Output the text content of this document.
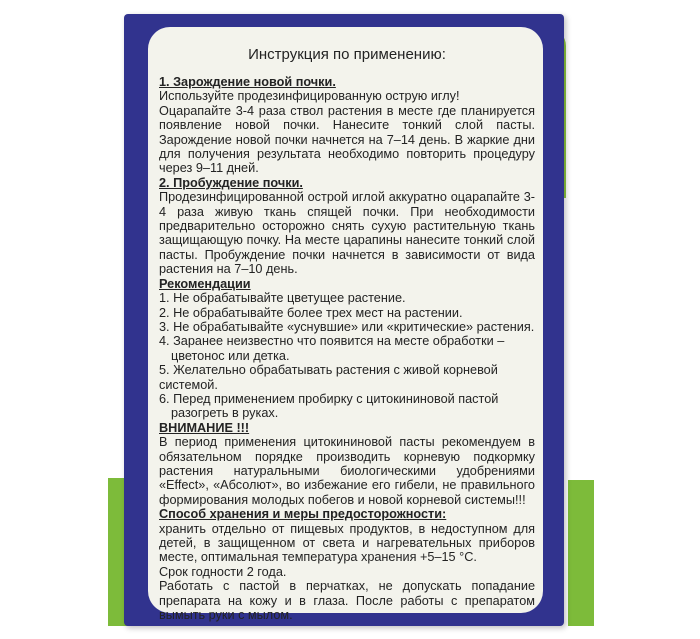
Инструкция по применению:

1. Зарождение новой почки.

Используйте продезинфицированную острую иглу!

Оцарапайте 3-4 раза ствол растения в месте где планируется появление новой почки. Нанесите тонкий слой пасты. Зарождение новой почки начнется на 7–14 день. В жаркие дни для получения результата необходимо повторить процедуру через 9–11 дней.

2. Пробуждение почки.

Продезинфицированной острой иглой аккуратно оцарапайте 3-4 раза живую ткань спящей почки. При необходимости предварительно осторожно снять сухую растительную ткань защищающую почку. На месте царапины нанесите тонкий слой пасты. Пробуждение почки начнется в зависимости от вида растения на 7–10 день.

Рекомендации

1. Не обрабатывайте цветущее растение.
2. Не обрабатывайте более трех мест на растении.
3. Не обрабатывайте «уснувшие» или «критические» растения.
4. Заранее неизвестно что появится на месте обработки –
цветонос или детка.
5. Желательно обрабатывать растения с живой корневой системой.
6. Перед применением пробирку с цитокининовой пастой
разогреть в руках.

ВНИМАНИЕ !!!

В период применения цитокининовой пасты рекомендуем в обязательном порядке производить корневую подкормку растения натуральными биологическими удобрениями «Effect», «Абсолют», во избежание его гибели, не правильного формирования молодых побегов и новой корневой системы!!!

Способ хранения и меры предосторожности:

хранить отдельно от пищевых продуктов, в недоступном для детей, в защищенном от света и нагревательных приборов месте, оптимальная температура хранения +5–15 °С.

Срок годности 2 года.

Работать с пастой в перчатках, не допускать попадание препарата на кожу и в глаза. После работы с препаратом вымыть руки с мылом.
